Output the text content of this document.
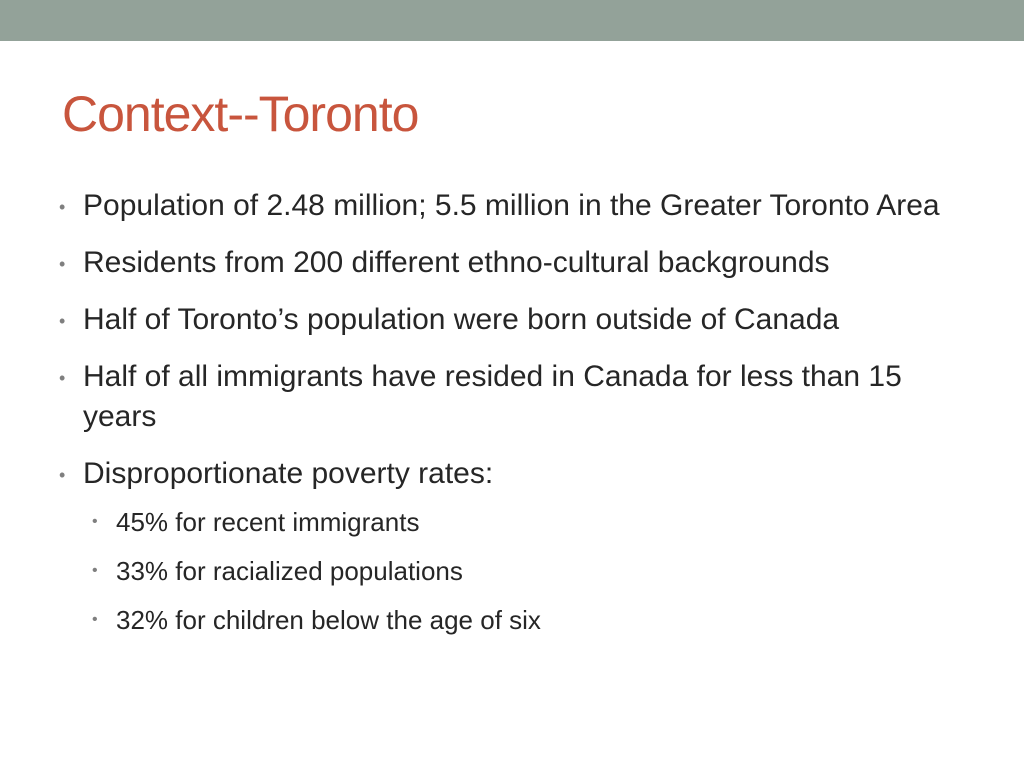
Context--Toronto
• Population of 2.48 million; 5.5 million in the Greater Toronto Area
• Residents from 200 different ethno-cultural backgrounds
• Half of Toronto’s population were born outside of Canada
• Half of all immigrants have resided in Canada for less than 15 years
• Disproportionate poverty rates:
• 45% for recent immigrants
• 33% for racialized populations
• 32% for children below the age of six
